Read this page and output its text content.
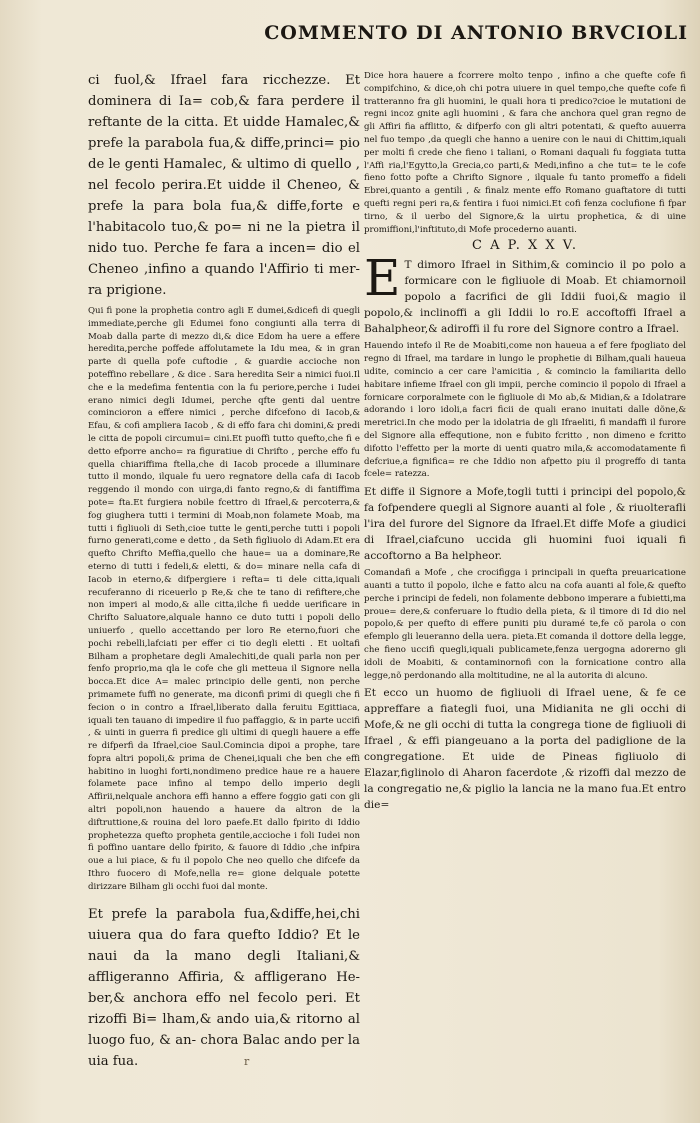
COMMENTO DI ANTONIO BRVCIOLI

ci fuol,& Ifrael fara ricchezze. Et dominera di Ia= cob,& fara perdere il reftante de la citta. Et uidde Hamalec,& prefe la parabola fua,& diffe,princi= pio de le genti Hamalec, & ultimo di quello , nel fecolo perira.Et uidde il Cheneo, & prefe la para bola fua,& diffe,forte e l'habitacolo tuo,& po= ni ne la pietra il nido tuo. Perche fe fara a incen= dio el Cheneo ,infino a quando l'Affirio ti mer- ra prigione.

Qui fi pone la prophetia contro agli E dumei,&dicefi di quegli immediate,perche gli Edumei fono congiunti alla terra di Moab dalla parte di mezzo di,& dice Edom ha uere a effere heredita,perche poffede affolutamete la Idu mea, & in gran parte di quella pofe cuftodie , & guardie accioche non poteffino rebellare , & dice . Sara heredita Seir a nimici fuoi.Il che e la medefima fententia con la fu periore,perche i Iudei erano nimici degli Idumei, perche qfte genti dal uentre comincioron a effere nimici , perche difcefono di Iacob,& Efau, & cofi ampliera Iacob , & di effo fara chi domini,& predi le citta de popoli circumui= cini.Et puoffi tutto quefto,che fi e detto efporre ancho= ra figuratiue di Chrifto , perche effo fu quella chiariffima ftella,che di Iacob procede a illuminare tutto il mondo, ilquale fu uero regnatore della cafa di Iacob reggendo il mondo con uirga,di fanto regno,& di fantiffima pote= fta.Et furgiera nobile fcettro di Ifrael,& percoterra,& fog giughera tutti i termini di Moab,non folamete Moab, ma tutti i figliuoli di Seth,cioe tutte le genti,perche tutti i popoli furno generati,come e detto , da Seth figliuolo di Adam.Et era quefto Chrifto Meffia,quello che haue= ua a dominare,Re eterno di tutti i fedeli,& eletti, & do= minare nella cafa di Iacob in eterno,& difpergiere i refta= ti dele citta,iquali recuferanno di riceuerlo p Re,& che te tano di refiftere,che non imperi al modo,& alle citta,ilche fi uedde uerificare in Chrifto Saluatore,alquale hanno ce duto tutti i popoli dello uniuerfo , quello accettando per loro Re eterno,fuori che pochi rebelli,lafciati per effer ci tio degli eletti . Et uoltafi Bilham a prophetare degli Amalechiti,de quali parla non per fenfo proprio,ma qla le cofe che gli metteua il Signore nella bocca.Et dice A= malec principio delle genti, non perche primamete fuffi no generate, ma diconfi primi di quegli che fi fecion o in contro a Ifrael,liberato dalla feruitu Egittiaca, iquali ten tauano di impedire il fuo paffaggio, & in parte uccifi , & uinti in guerra fi predice gli ultimi di quegli hauere a effe re difperfi da Ifrael,cioe Saul.Comincia dipoi a prophe, tare fopra altri popoli,& prima de Chenei,iquali che ben che effi habitino in luoghi forti,nondimeno predice haue re a hauere folamete pace infino al tempo dello imperio degli Affirii,nelquale anchora effi hanno a effere foggio gati con gli altri popoli,non hauendo a hauere da altron de la diftruttione,& rouina del loro paefe.Et dallo fpirito di Iddio prophetezza quefto propheta gentile,accioche i foli Iudei non fi poffino uantare dello fpirito, & fauore di Iddio ,che infpira oue a lui piace, & fu il popolo Che neo quello che difcefe da Ithro fuocero di Mofe,nella re= gione delquale potette dirizzare Bilham gli occhi fuoi dal monte.

Et prefe la parabola fua,&diffe,hei,chi uiuera qua do fara quefto Iddio? Et le naui da la mano degli Italiani,& affligeranno Affiria, & affligerano He- ber,& anchora effo nel fecolo peri. Et rizoffi Bi= lham,& ando uia,& ritorno al luogo fuo, & an- chora Balac ando per la uia fua.

Dice hora hauere a fcorrere molto tenpo , infino a che quefte cofe fi compifchino, & dice,oh chi potra uiuere in quel tempo,che quefte cofe fi tratteranno fra gli huomini, le quali hora ti predico?cioe le mutationi de regni incoz gnite agli huomini , & fara che anchora quel gran regno de gli Affiri fia afflitto, & difperfo con gli altri potentati, & quefto auuerra nel fuo tempo ,da quegli che hanno a uenire con le naui di Chittim,iquali per molti fi crede che fieno i taliani, o Romani daquali fu foggiata tutta l'Affi ria,l'Egytto,la Grecia,co parti,& Medi,infino a che tut= te le cofe fieno fotto pofte a Chrifto Signore , ilquale fu tanto promeffo a fideli Ebrei,quanto a gentili , & finalz mente effo Romano guaftatore di tutti quefti regni peri ra,& fentira i fuoi nimici.Et cofi fenza coclufione fi fpar tirno, & il uerbo del Signore,& la uirtu prophetica, & di uine promiffioni,l'inftituto,di Mofe procederno auanti.

C A P. X X V.

E T dimoro Ifrael in Sithim,& comincio il po polo a formicare con le figliuole di Moab. Et chiamornoil popolo a facrifici de gli Iddii fuoi,& magio il popolo,& inclinoffi a gli Iddii lo ro.E accoftoffi Ifrael a Bahalpheor,& adiroffi il fu rore del Signore contro a Ifrael.

Hauendo intefo il Re de Moabiti,come non haueua a ef fere fpogliato del regno di Ifrael, ma tardare in lungo le prophetie di Bilham,quali haueua udite, comincio a cer care l'amicitia , & comincio la familiarita dello habitare infieme Ifrael con gli impii, perche comincio il popolo di Ifrael a fornicare corporalmete con le figliuole di Mo ab,& Midian,& a Idolatrare adorando i loro idoli,a facri ficii de quali erano inuitati dalle dõne,& meretrici.In che modo per la idolatria de gli Ifraeliti, fi mandaffi il furore del Signore alla effequtione, non e fubito fcritto , non dimeno e fcritto difotto l'effetto per la morte di uenti quatro mila,& accomodatamente fi defcriue,a fignifica= re che Iddio non afpetto piu il progreffo di tanta fcele= ratezza.

Et diffe il Signore a Mofe,togli tutti i principi del popolo,& fa fofpendere quegli al Signore auanti al fole , & riuolterafli l'ira del furore del Signore da Ifrael.Et diffe Mofe a giudici di Ifrael,ciafcuno uccida gli huomini fuoi iquali fi accoftorno a Ba helpheor.

Comandafi a Mofe , che crocifigga i principali in quefta preuaricatione auanti a tutto il popolo, ilche e fatto alcu na cofa auanti al fole,& quefto perche i principi de fedeli, non folamente debbono imperare a fubietti,ma proue= dere,& conferuare lo ftudio della pieta, & il timore di Id dio nel popolo,& per quefto di effere puniti piu duramé te,fe cõ parola o con efemplo gli leueranno della uera. pieta.Et comanda il dottore della legge, che fieno uccifi quegli,iquali publicamete,fenza uergogna adorerno gli idoli de Moabiti, & contaminornofi con la fornicatione contro alla legge,nõ perdonando alla moltitudine, ne al la autorita di alcuno.

Et ecco un huomo de figliuoli di Ifrael uene, & fe ce appreffare a fiategli fuoi, una Midianita ne gli occhi di Mofe,& ne gli occhi di tutta la congrega tione de figliuoli di Ifrael , & effi piangeuano a la porta del padiglione de la congregatione. Et uide de Pineas figliuolo di Elazar,figlinolo di Aharon facerdote ,& rizoffi dal mezzo de la congregatio ne,& piglio la lancia ne la mano fua.Et entro die=

r
